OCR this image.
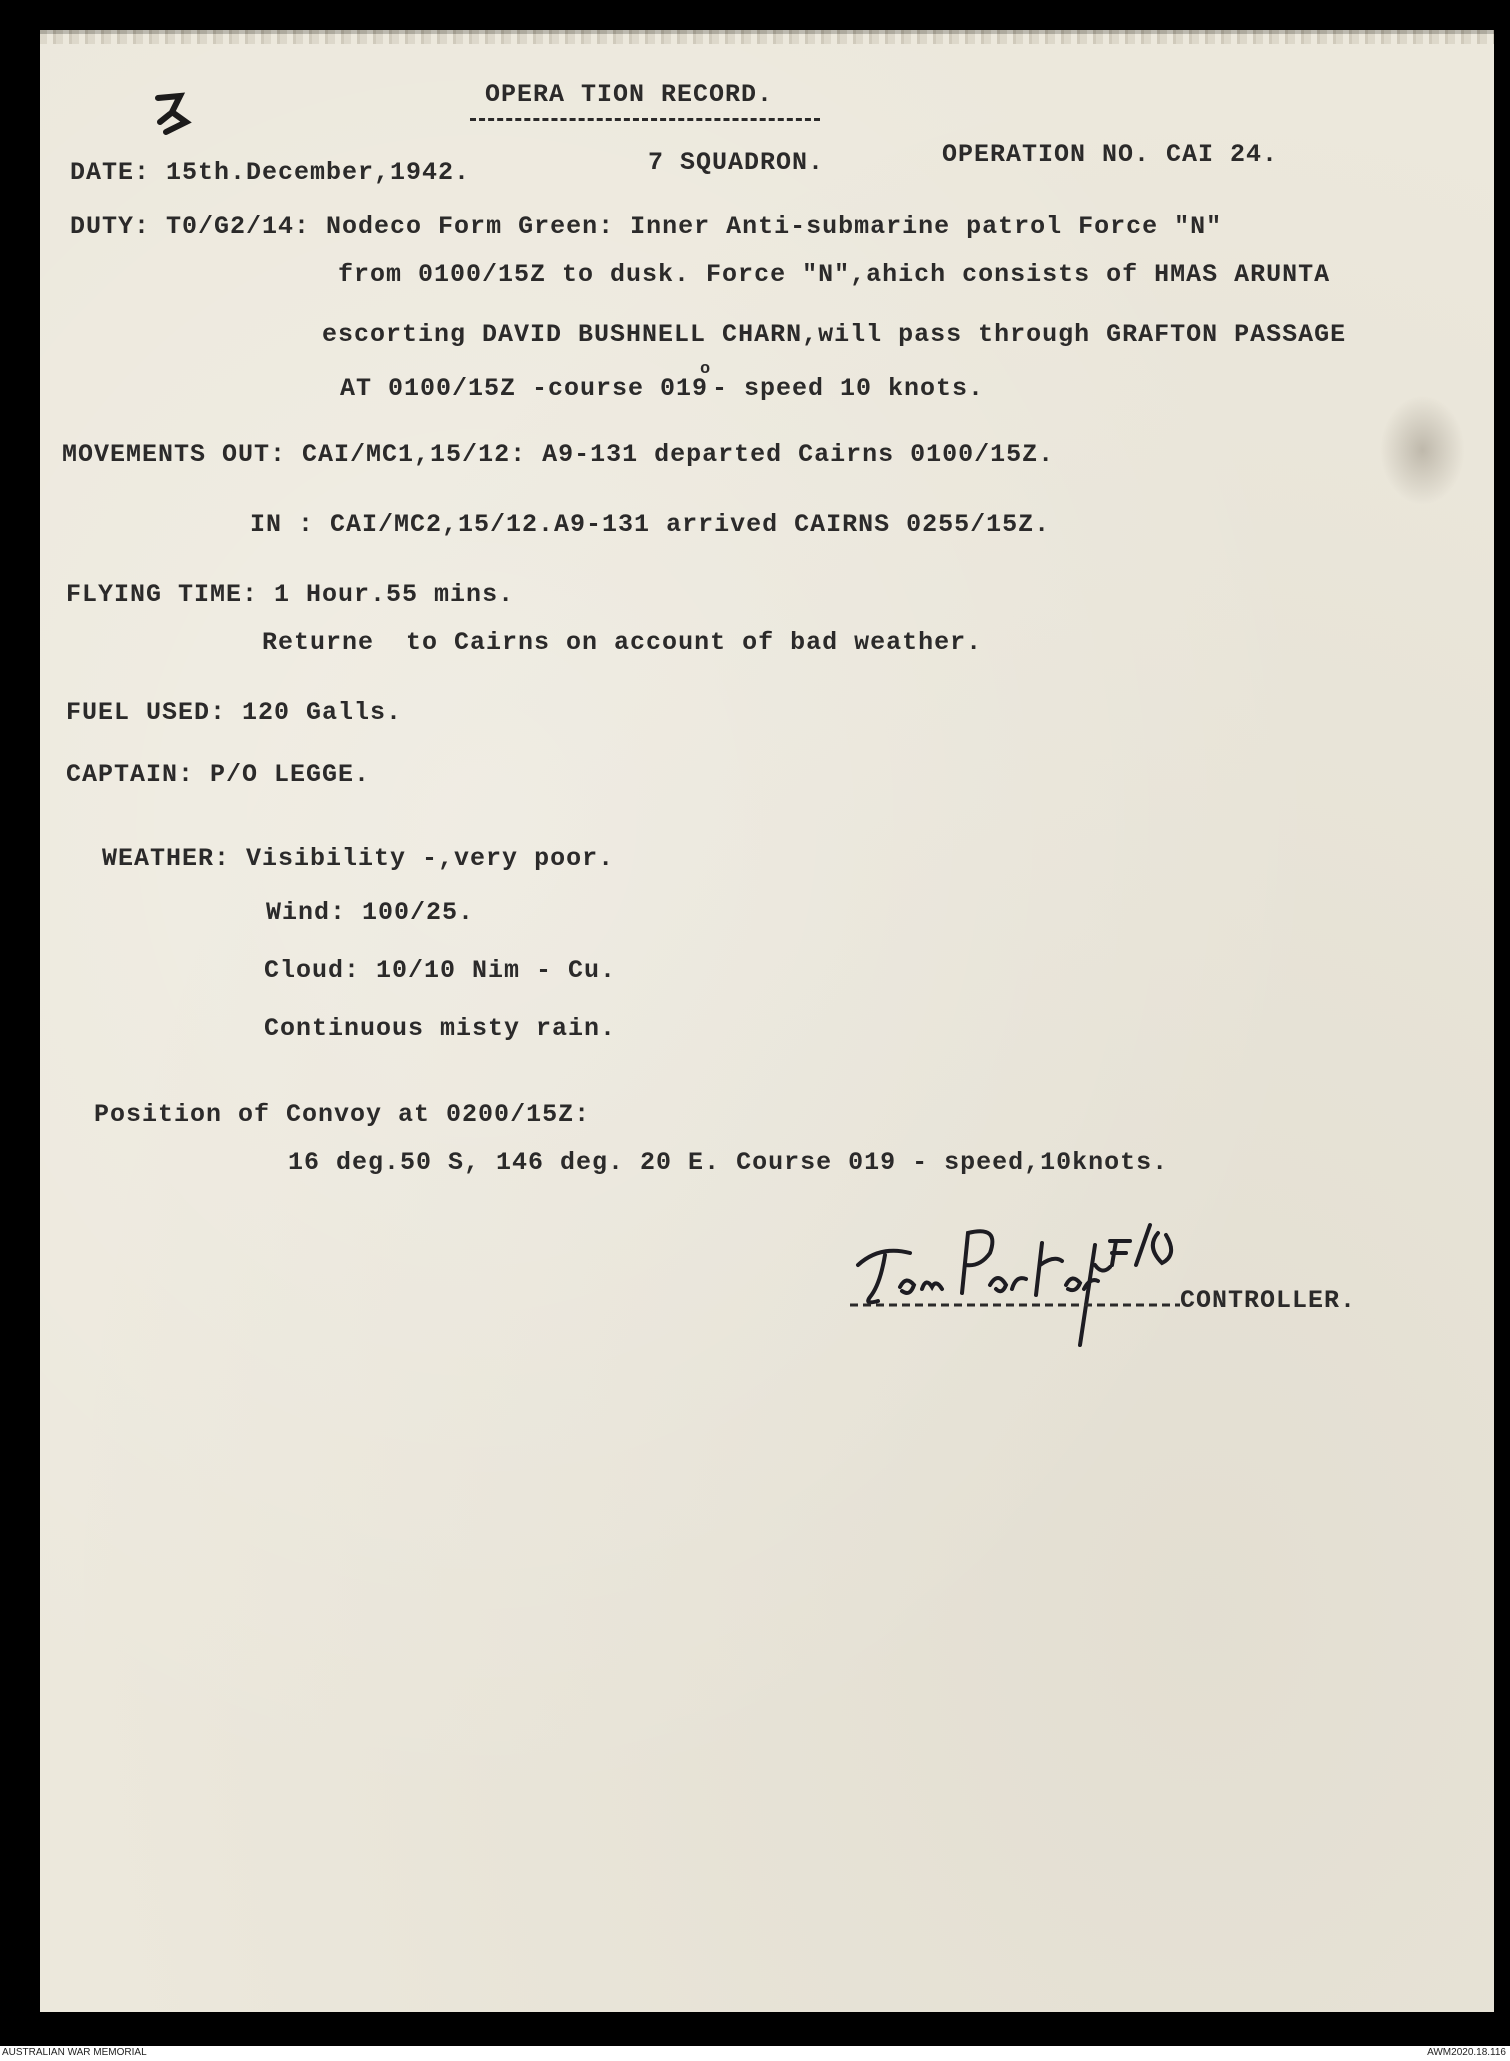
OPERA TION RECORD.
DATE: 15th.December,1942.	7 SQUADRON.	OPERATION NO. CAI 24.
DUTY: T0/G2/14: Nodeco Form Green: Inner Anti-submarine patrol Force "N"
from 0100/15Z to dusk. Force "N",ahich consists of HMAS ARUNTA
escorting DAVID BUSHNELL CHARN,will pass through GRAFTON PASSAGE
AT 0100/15Z -course 019
o
- speed 10 knots.
MOVEMENTS OUT: CAI/MC1,15/12: A9-131 departed Cairns 0100/15Z.
IN : CAI/MC2,15/12.A9-131 arrived CAIRNS 0255/15Z.
FLYING TIME: 1 Hour.55 mins.
Returne  to Cairns on account of bad weather.
FUEL USED: 120 Galls.
CAPTAIN: P/O LEGGE.
WEATHER: Visibility -,very poor.
Wind: 100/25.
Cloud: 10/10 Nim - Cu.
Continuous misty rain.
Position of Convoy at 0200/15Z:
16 deg.50 S, 146 deg. 20 E. Course 019 - speed,10knots.
CONTROLLER.
AUSTRALIAN WAR MEMORIAL	AWM2020.18.116
